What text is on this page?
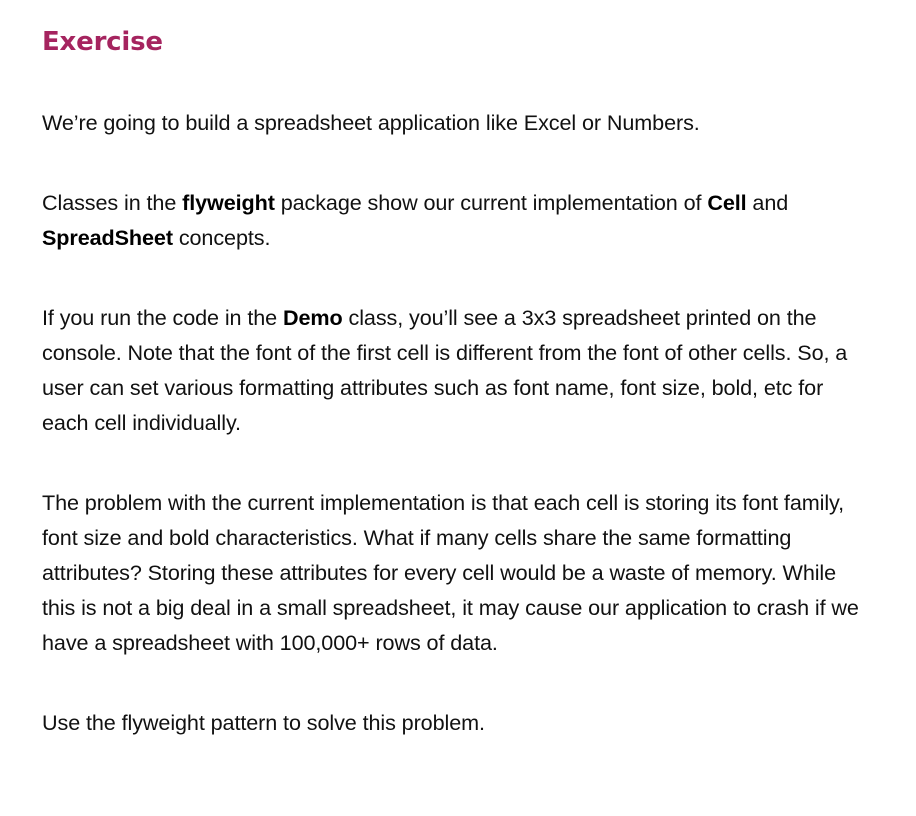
Exercise

We’re going to build a spreadsheet application like Excel or Numbers.

Classes in the flyweight package show our current implementation of Cell and SpreadSheet concepts.

If you run the code in the Demo class, you’ll see a 3x3 spreadsheet printed on the console. Note that the font of the first cell is different from the font of other cells. So, a user can set various formatting attributes such as font name, font size, bold, etc for each cell individually.

The problem with the current implementation is that each cell is storing its font family, font size and bold characteristics. What if many cells share the same formatting attributes? Storing these attributes for every cell would be a waste of memory. While this is not a big deal in a small spreadsheet, it may cause our application to crash if we have a spreadsheet with 100,000+ rows of data.

Use the flyweight pattern to solve this problem.
